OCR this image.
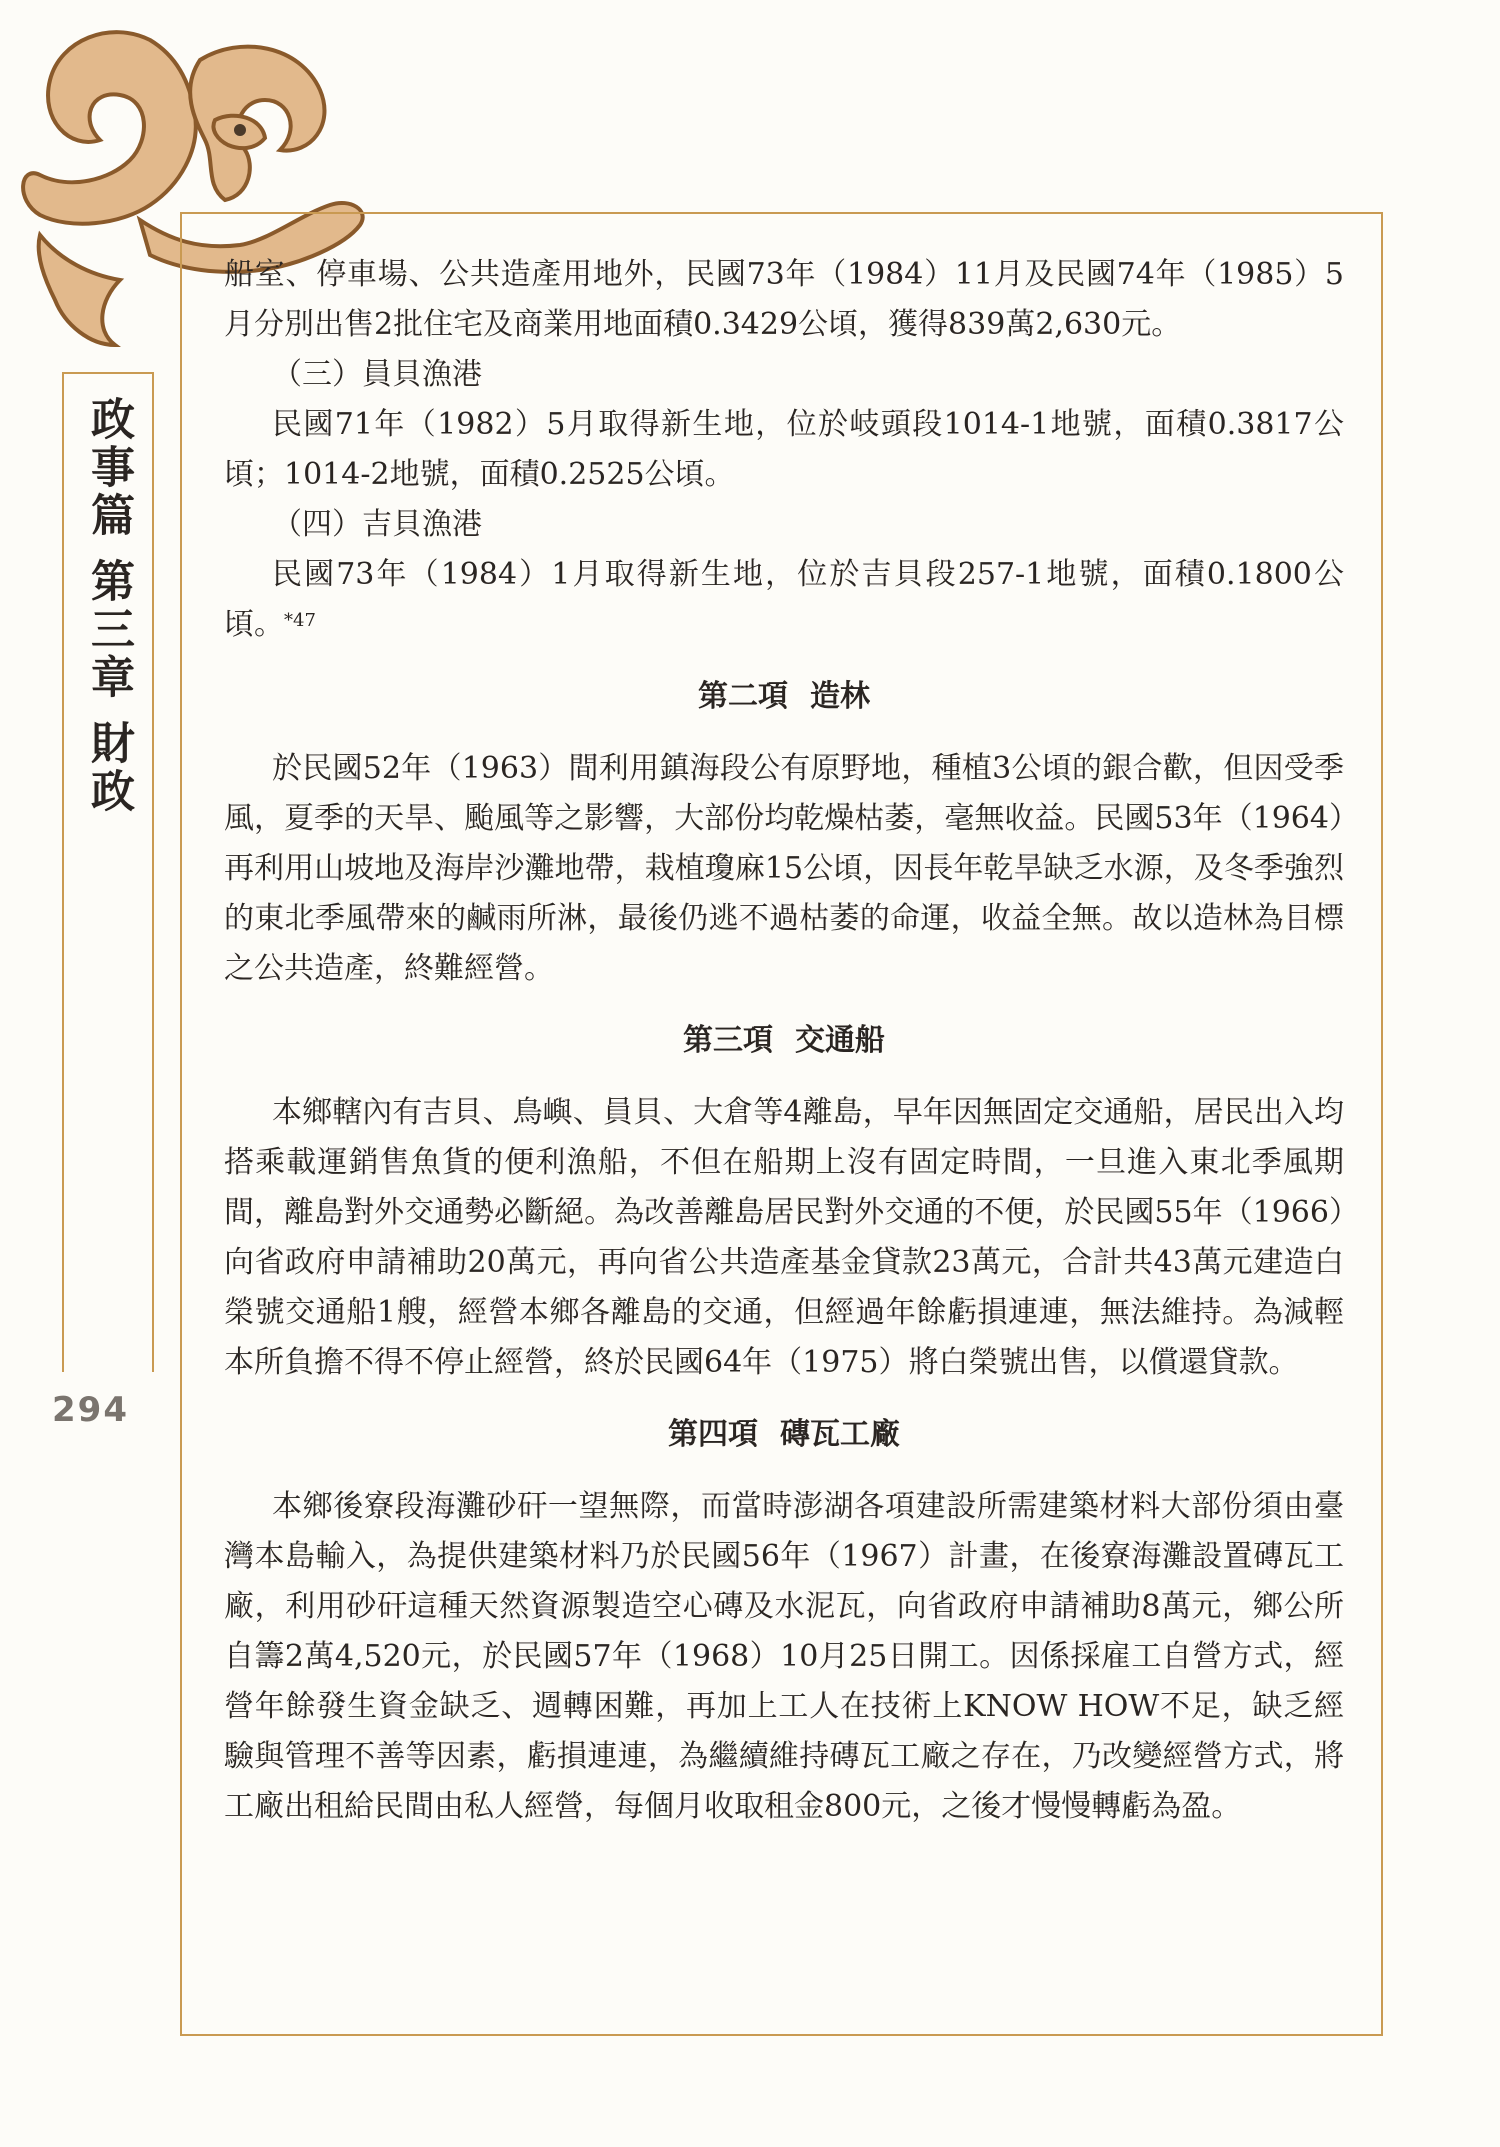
政事篇
第三章
財政
294

船室、停車場、公共造產用地外，民國73年（1984）11月及民國74年（1985）5月分別出售2批住宅及商業用地面積0.3429公頃，獲得839萬2,630元。

（三）員貝漁港

民國71年（1982）5月取得新生地，位於岐頭段1014-1地號，面積0.3817公頃；1014-2地號，面積0.2525公頃。

（四）吉貝漁港

民國73年（1984）1月取得新生地，位於吉貝段257-1地號，面積0.1800公頃。$^{*47}$

第二項 造林

於民國52年（1963）間利用鎮海段公有原野地，種植3公頃的銀合歡，但因受季風，夏季的天旱、颱風等之影響，大部份均乾燥枯萎，毫無收益。民國53年（1964）再利用山坡地及海岸沙灘地帶，栽植瓊麻15公頃，因長年乾旱缺乏水源，及冬季強烈的東北季風帶來的鹹雨所淋，最後仍逃不過枯萎的命運，收益全無。故以造林為目標之公共造產，終難經營。

第三項 交通船

本鄉轄內有吉貝、鳥嶼、員貝、大倉等4離島，早年因無固定交通船，居民出入均搭乘載運銷售魚貨的便利漁船，不但在船期上沒有固定時間，一旦進入東北季風期間，離島對外交通勢必斷絕。為改善離島居民對外交通的不便，於民國55年（1966）向省政府申請補助20萬元，再向省公共造產基金貸款23萬元，合計共43萬元建造白榮號交通船1艘，經營本鄉各離島的交通，但經過年餘虧損連連，無法維持。為減輕本所負擔不得不停止經營，終於民國64年（1975）將白榮號出售，以償還貸款。

第四項 磚瓦工廠

本鄉後寮段海灘砂矸一望無際，而當時澎湖各項建設所需建築材料大部份須由臺灣本島輸入，為提供建築材料乃於民國56年（1967）計畫，在後寮海灘設置磚瓦工廠，利用砂矸這種天然資源製造空心磚及水泥瓦，向省政府申請補助8萬元，鄉公所自籌2萬4,520元，於民國57年（1968）10月25日開工。因係採雇工自營方式，經營年餘發生資金缺乏、週轉困難，再加上工人在技術上KNOW HOW不足，缺乏經驗與管理不善等因素，虧損連連，為繼續維持磚瓦工廠之存在，乃改變經營方式，將工廠出租給民間由私人經營，每個月收取租金800元，之後才慢慢轉虧為盈。
